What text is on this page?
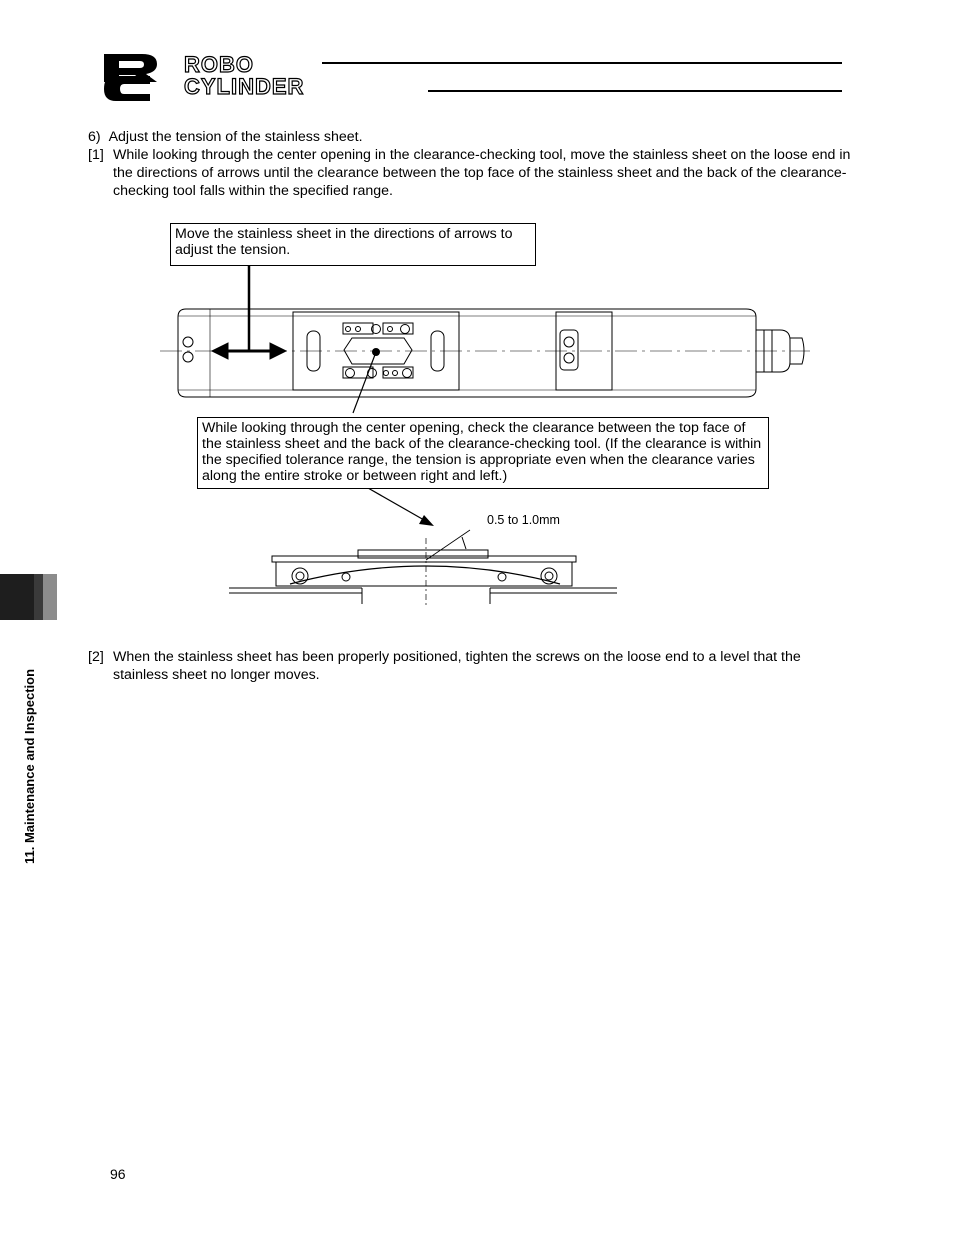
ROBO
CYLINDER
6) Adjust the tension of the stainless sheet.
[1] While looking through the center opening in the clearance-checking tool, move the stainless sheet on the loose end in the directions of arrows until the clearance between the top face of the stainless sheet and the back of the clearance-checking tool falls within the specified range.
Move the stainless sheet in the directions of arrows to adjust the tension.
While looking through the center opening, check the clearance between the top face of the stainless sheet and the back of the clearance-checking tool. (If the clearance is within the specified tolerance range, the tension is appropriate even when the clearance varies along the entire stroke or between right and left.)
0.5 to 1.0mm
[2] When the stainless sheet has been properly positioned, tighten the screws on the loose end to a level that the stainless sheet no longer moves.
11. Maintenance and Inspection
96
